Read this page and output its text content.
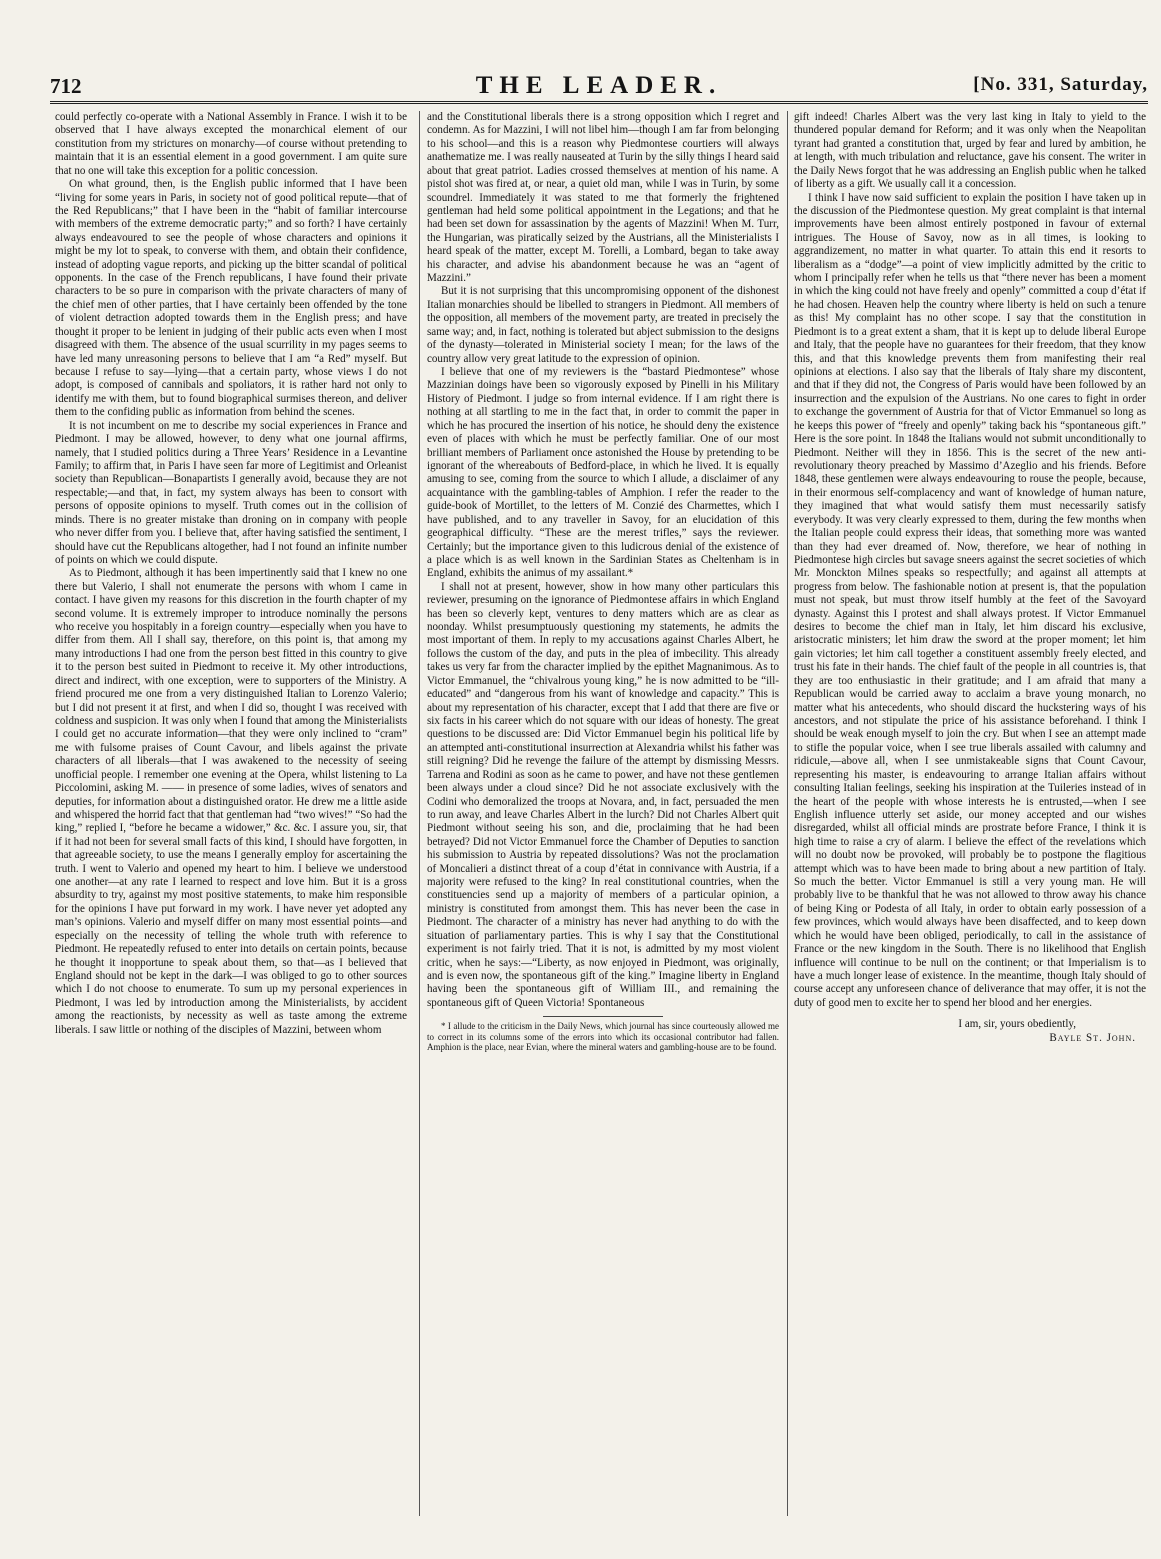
712	THE LEADER.	[No. 331, Saturday,

could perfectly co-operate with a National Assembly in France. I wish it to be observed that I have always excepted the monarchical element of our constitution from my strictures on monarchy—of course without pretending to maintain that it is an essential element in a good government. I am quite sure that no one will take this exception for a politic concession.

On what ground, then, is the English public informed that I have been “living for some years in Paris, in society not of good political repute—that of the Red Republicans;” that I have been in the “habit of familiar intercourse with members of the extreme democratic party;” and so forth? I have certainly always endeavoured to see the people of whose characters and opinions it might be my lot to speak, to converse with them, and obtain their confidence, instead of adopting vague reports, and picking up the bitter scandal of political opponents. In the case of the French republicans, I have found their private characters to be so pure in comparison with the private characters of many of the chief men of other parties, that I have certainly been offended by the tone of violent detraction adopted towards them in the English press; and have thought it proper to be lenient in judging of their public acts even when I most disagreed with them. The absence of the usual scurrility in my pages seems to have led many unreasoning persons to believe that I am “a Red” myself. But because I refuse to say—lying—that a certain party, whose views I do not adopt, is composed of cannibals and spoliators, it is rather hard not only to identify me with them, but to found biographical surmises thereon, and deliver them to the confiding public as information from behind the scenes.

It is not incumbent on me to describe my social experiences in France and Piedmont. I may be allowed, however, to deny what one journal affirms, namely, that I studied politics during a Three Years’ Residence in a Levantine Family; to affirm that, in Paris I have seen far more of Legitimist and Orleanist society than Republican—Bonapartists I generally avoid, because they are not respectable;—and that, in fact, my system always has been to consort with persons of opposite opinions to myself. Truth comes out in the collision of minds. There is no greater mistake than droning on in company with people who never differ from you. I believe that, after having satisfied the sentiment, I should have cut the Republicans altogether, had I not found an infinite number of points on which we could dispute.

As to Piedmont, although it has been impertinently said that I knew no one there but Valerio, I shall not enumerate the persons with whom I came in contact. I have given my reasons for this discretion in the fourth chapter of my second volume. It is extremely improper to introduce nominally the persons who receive you hospitably in a foreign country—especially when you have to differ from them. All I shall say, therefore, on this point is, that among my many introductions I had one from the person best fitted in this country to give it to the person best suited in Piedmont to receive it. My other introductions, direct and indirect, with one exception, were to supporters of the Ministry. A friend procured me one from a very distinguished Italian to Lorenzo Valerio; but I did not present it at first, and when I did so, thought I was received with coldness and suspicion. It was only when I found that among the Ministerialists I could get no accurate information—that they were only inclined to “cram” me with fulsome praises of Count Cavour, and libels against the private characters of all liberals—that I was awakened to the necessity of seeing unofficial people. I remember one evening at the Opera, whilst listening to La Piccolomini, asking M. —— in presence of some ladies, wives of senators and deputies, for information about a distinguished orator. He drew me a little aside and whispered the horrid fact that that gentleman had “two wives!” “So had the king,” replied I, “before he became a widower,” &c. &c. I assure you, sir, that if it had not been for several small facts of this kind, I should have forgotten, in that agreeable society, to use the means I generally employ for ascertaining the truth. I went to Valerio and opened my heart to him. I believe we understood one another—at any rate I learned to respect and love him. But it is a gross absurdity to try, against my most positive statements, to make him responsible for the opinions I have put forward in my work. I have never yet adopted any man’s opinions. Valerio and myself differ on many most essential points—and especially on the necessity of telling the whole truth with reference to Piedmont. He repeatedly refused to enter into details on certain points, because he thought it inopportune to speak about them, so that—as I believed that England should not be kept in the dark—I was obliged to go to other sources which I do not choose to enumerate. To sum up my personal experiences in Piedmont, I was led by introduction among the Ministerialists, by accident among the reactionists, by necessity as well as taste among the extreme liberals. I saw little or nothing of the disciples of Mazzini, between whom

and the Constitutional liberals there is a strong opposition which I regret and condemn. As for Mazzini, I will not libel him—though I am far from belonging to his school—and this is a reason why Piedmontese courtiers will always anathematize me. I was really nauseated at Turin by the silly things I heard said about that great patriot. Ladies crossed themselves at mention of his name. A pistol shot was fired at, or near, a quiet old man, while I was in Turin, by some scoundrel. Immediately it was stated to me that formerly the frightened gentleman had held some political appointment in the Legations; and that he had been set down for assassination by the agents of Mazzini! When M. Turr, the Hungarian, was piratically seized by the Austrians, all the Ministerialists I heard speak of the matter, except M. Torelli, a Lombard, began to take away his character, and advise his abandonment because he was an “agent of Mazzini.”

But it is not surprising that this uncompromising opponent of the dishonest Italian monarchies should be libelled to strangers in Piedmont. All members of the opposition, all members of the movement party, are treated in precisely the same way; and, in fact, nothing is tolerated but abject submission to the designs of the dynasty—tolerated in Ministerial society I mean; for the laws of the country allow very great latitude to the expression of opinion.

I believe that one of my reviewers is the “bastard Piedmontese” whose Mazzinian doings have been so vigorously exposed by Pinelli in his Military History of Piedmont. I judge so from internal evidence. If I am right there is nothing at all startling to me in the fact that, in order to commit the paper in which he has procured the insertion of his notice, he should deny the existence even of places with which he must be perfectly familiar. One of our most brilliant members of Parliament once astonished the House by pretending to be ignorant of the whereabouts of Bedford-place, in which he lived. It is equally amusing to see, coming from the source to which I allude, a disclaimer of any acquaintance with the gambling-tables of Amphion. I refer the reader to the guide-book of Mortillet, to the letters of M. Conzié des Charmettes, which I have published, and to any traveller in Savoy, for an elucidation of this geographical difficulty. “These are the merest trifles,” says the reviewer. Certainly; but the importance given to this ludicrous denial of the existence of a place which is as well known in the Sardinian States as Cheltenham is in England, exhibits the animus of my assailant.*

I shall not at present, however, show in how many other particulars this reviewer, presuming on the ignorance of Piedmontese affairs in which England has been so cleverly kept, ventures to deny matters which are as clear as noonday. Whilst presumptuously questioning my statements, he admits the most important of them. In reply to my accusations against Charles Albert, he follows the custom of the day, and puts in the plea of imbecility. This already takes us very far from the character implied by the epithet Magnanimous. As to Victor Emmanuel, the “chivalrous young king,” he is now admitted to be “ill-educated” and “dangerous from his want of knowledge and capacity.” This is about my representation of his character, except that I add that there are five or six facts in his career which do not square with our ideas of honesty. The great questions to be discussed are: Did Victor Emmanuel begin his political life by an attempted anti-constitutional insurrection at Alexandria whilst his father was still reigning? Did he revenge the failure of the attempt by dismissing Messrs. Tarrena and Rodini as soon as he came to power, and have not these gentlemen been always under a cloud since? Did he not associate exclusively with the Codini who demoralized the troops at Novara, and, in fact, persuaded the men to run away, and leave Charles Albert in the lurch? Did not Charles Albert quit Piedmont without seeing his son, and die, proclaiming that he had been betrayed? Did not Victor Emmanuel force the Chamber of Deputies to sanction his submission to Austria by repeated dissolutions? Was not the proclamation of Moncalieri a distinct threat of a coup d’état in connivance with Austria, if a majority were refused to the king? In real constitutional countries, when the constituencies send up a majority of members of a particular opinion, a ministry is constituted from amongst them. This has never been the case in Piedmont. The character of a ministry has never had anything to do with the situation of parliamentary parties. This is why I say that the Constitutional experiment is not fairly tried. That it is not, is admitted by my most violent critic, when he says:—“Liberty, as now enjoyed in Piedmont, was originally, and is even now, the spontaneous gift of the king.” Imagine liberty in England having been the spontaneous gift of William III., and remaining the spontaneous gift of Queen Victoria! Spontaneous

* I allude to the criticism in the Daily News, which journal has since courteously allowed me to correct in its columns some of the errors into which its occasional contributor had fallen. Amphion is the place, near Evian, where the mineral waters and gambling-house are to be found.

gift indeed! Charles Albert was the very last king in Italy to yield to the thundered popular demand for Reform; and it was only when the Neapolitan tyrant had granted a constitution that, urged by fear and lured by ambition, he at length, with much tribulation and reluctance, gave his consent. The writer in the Daily News forgot that he was addressing an English public when he talked of liberty as a gift. We usually call it a concession.

I think I have now said sufficient to explain the position I have taken up in the discussion of the Piedmontese question. My great complaint is that internal improvements have been almost entirely postponed in favour of external intrigues. The House of Savoy, now as in all times, is looking to aggrandizement, no matter in what quarter. To attain this end it resorts to liberalism as a “dodge”—a point of view implicitly admitted by the critic to whom I principally refer when he tells us that “there never has been a moment in which the king could not have freely and openly” committed a coup d’état if he had chosen. Heaven help the country where liberty is held on such a tenure as this! My complaint has no other scope. I say that the constitution in Piedmont is to a great extent a sham, that it is kept up to delude liberal Europe and Italy, that the people have no guarantees for their freedom, that they know this, and that this knowledge prevents them from manifesting their real opinions at elections. I also say that the liberals of Italy share my discontent, and that if they did not, the Congress of Paris would have been followed by an insurrection and the expulsion of the Austrians. No one cares to fight in order to exchange the government of Austria for that of Victor Emmanuel so long as he keeps this power of “freely and openly” taking back his “spontaneous gift.” Here is the sore point. In 1848 the Italians would not submit unconditionally to Piedmont. Neither will they in 1856. This is the secret of the new anti-revolutionary theory preached by Massimo d’Azeglio and his friends. Before 1848, these gentlemen were always endeavouring to rouse the people, because, in their enormous self-complacency and want of knowledge of human nature, they imagined that what would satisfy them must necessarily satisfy everybody. It was very clearly expressed to them, during the few months when the Italian people could express their ideas, that something more was wanted than they had ever dreamed of. Now, therefore, we hear of nothing in Piedmontese high circles but savage sneers against the secret societies of which Mr. Monckton Milnes speaks so respectfully; and against all attempts at progress from below. The fashionable notion at present is, that the population must not speak, but must throw itself humbly at the feet of the Savoyard dynasty. Against this I protest and shall always protest. If Victor Emmanuel desires to become the chief man in Italy, let him discard his exclusive, aristocratic ministers; let him draw the sword at the proper moment; let him gain victories; let him call together a constituent assembly freely elected, and trust his fate in their hands. The chief fault of the people in all countries is, that they are too enthusiastic in their gratitude; and I am afraid that many a Republican would be carried away to acclaim a brave young monarch, no matter what his antecedents, who should discard the huckstering ways of his ancestors, and not stipulate the price of his assistance beforehand. I think I should be weak enough myself to join the cry. But when I see an attempt made to stifle the popular voice, when I see true liberals assailed with calumny and ridicule,—above all, when I see unmistakeable signs that Count Cavour, representing his master, is endeavouring to arrange Italian affairs without consulting Italian feelings, seeking his inspiration at the Tuileries instead of in the heart of the people with whose interests he is entrusted,—when I see English influence utterly set aside, our money accepted and our wishes disregarded, whilst all official minds are prostrate before France, I think it is high time to raise a cry of alarm. I believe the effect of the revelations which will no doubt now be provoked, will probably be to postpone the flagitious attempt which was to have been made to bring about a new partition of Italy. So much the better. Victor Emmanuel is still a very young man. He will probably live to be thankful that he was not allowed to throw away his chance of being King or Podesta of all Italy, in order to obtain early possession of a few provinces, which would always have been disaffected, and to keep down which he would have been obliged, periodically, to call in the assistance of France or the new kingdom in the South. There is no likelihood that English influence will continue to be null on the continent; or that Imperialism is to have a much longer lease of existence. In the meantime, though Italy should of course accept any unforeseen chance of deliverance that may offer, it is not the duty of good men to excite her to spend her blood and her energies.

I am, sir, yours obediently,
Bayle St. John.
